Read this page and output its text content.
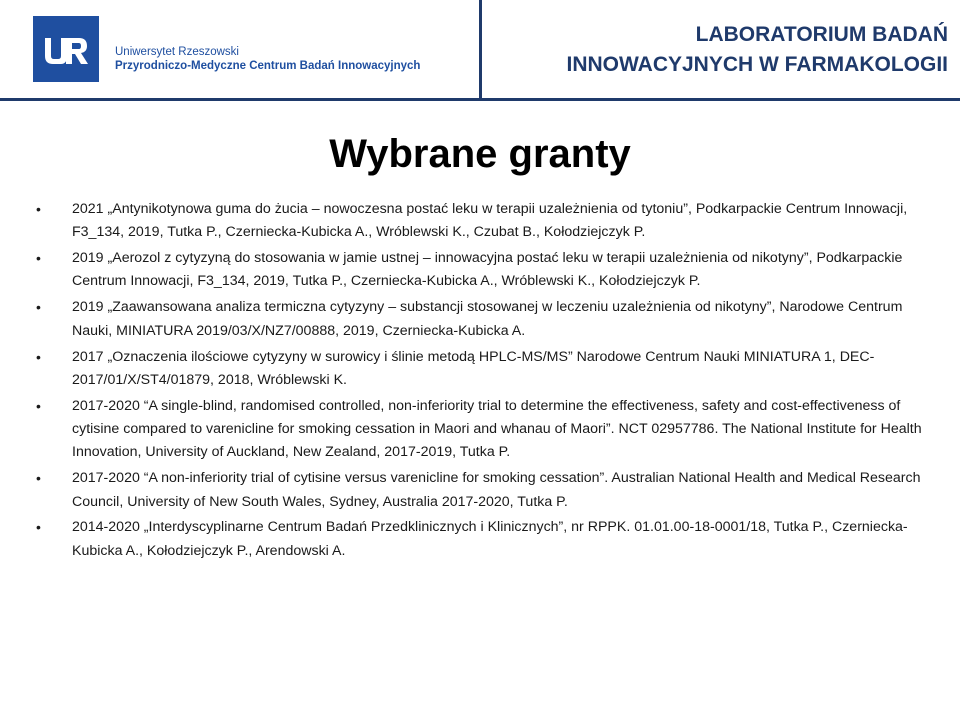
Uniwersytet Rzeszowski
Przyrodniczo-Medyczne Centrum Badań Innowacyjnych
LABORATORIUM BADAŃ
INNOWACYJNYCH W FARMAKOLOGII
Wybrane granty
• 2021 „Antynikotynowa guma do żucia – nowoczesna postać leku w terapii uzależnienia od tytoniu”, Podkarpackie Centrum Innowacji, F3_134, 2019, Tutka P., Czerniecka-Kubicka A., Wróblewski K., Czubat B., Kołodziejczyk P.
• 2019 „Aerozol z cytyzyną do stosowania w jamie ustnej – innowacyjna postać leku w terapii uzależnienia od nikotyny”, Podkarpackie Centrum Innowacji, F3_134, 2019, Tutka P., Czerniecka-Kubicka A., Wróblewski K., Kołodziejczyk P.
• 2019 „Zaawansowana analiza termiczna cytyzyny – substancji stosowanej w leczeniu uzależnienia od nikotyny”, Narodowe Centrum Nauki, MINIATURA 2019/03/X/NZ7/00888, 2019, Czerniecka-Kubicka A.
• 2017 „Oznaczenia ilościowe cytyzyny w surowicy i ślinie metodą HPLC-MS/MS” Narodowe Centrum Nauki MINIATURA 1, DEC-2017/01/X/ST4/01879, 2018, Wróblewski K.
• 2017-2020 “A single-blind, randomised controlled, non-inferiority trial to determine the effectiveness, safety and cost-effectiveness of cytisine compared to varenicline for smoking cessation in Maori and whanau of Maori”. NCT 02957786. The National Institute for Health Innovation, University of Auckland, New Zealand, 2017-2019, Tutka P.
• 2017-2020 “A non-inferiority trial of cytisine versus varenicline for smoking cessation”. Australian National Health and Medical Research Council, University of New South Wales, Sydney, Australia 2017-2020, Tutka P.
• 2014-2020 „Interdyscyplinarne Centrum Badań Przedklinicznych i Klinicznych”, nr RPPK. 01.01.00-18-0001/18, Tutka P., Czerniecka-Kubicka A., Kołodziejczyk P., Arendowski A.
